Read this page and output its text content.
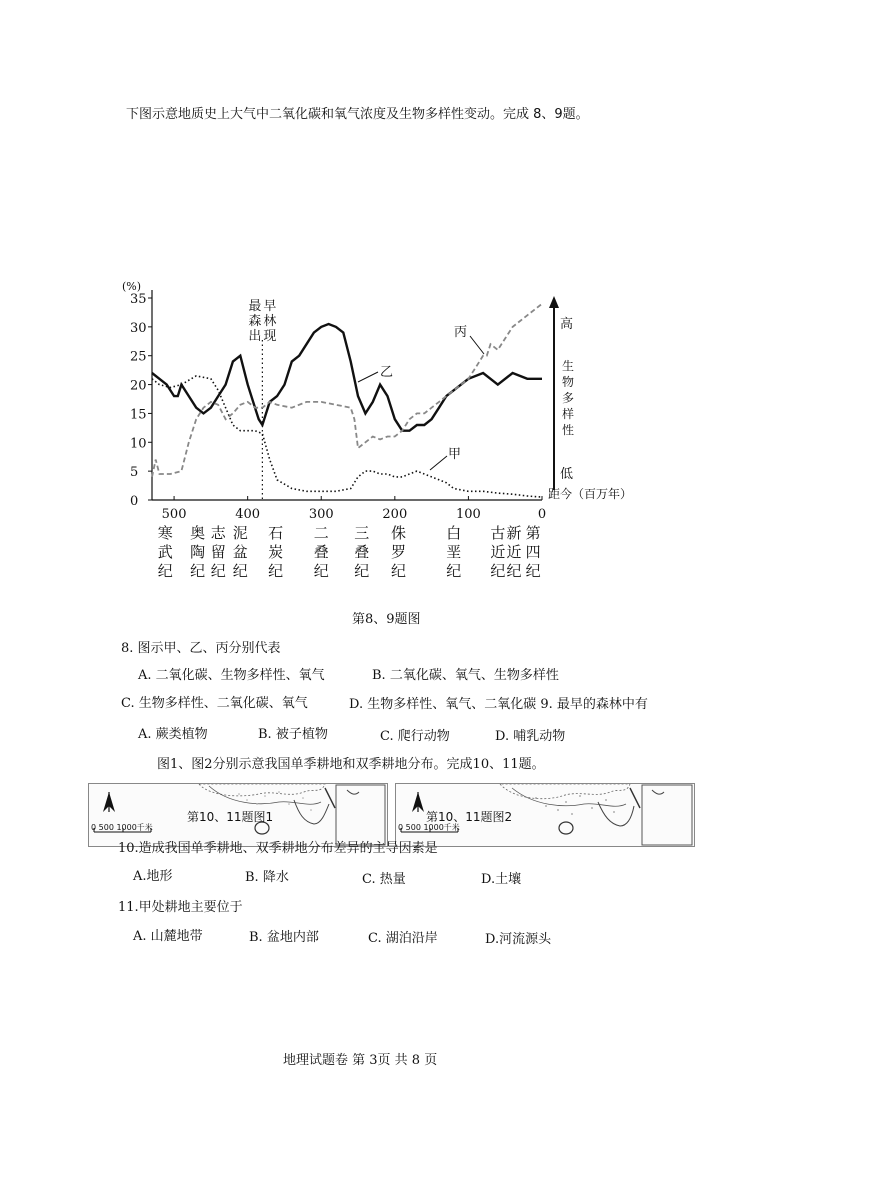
下图示意地质史上大气中二氧化碳和氧气浓度及生物多样性变动。完成 8、9题。
(%)
0
5
10
15
20
25
30
35
500	400	300	200	100	0
距今（百万年）
寒
武
纪
奥
陶
纪
志
留
纪
泥
盆
纪
石
炭
纪
二
叠
纪
三
叠
纪
侏
罗
纪
白
垩
纪
古
近
纪
新
近
纪
第
四
纪
最 早
森 林
出 现
甲
乙
丙
高
生
物
多
样
性
低
第8、9题图
8. 图示甲、乙、丙分别代表
A. 二氧化碳、生物多样性、氧气	B. 二氧化碳、氧气、生物多样性
C. 生物多样性、二氧化碳、氧气	D. 生物多样性、氧气、二氧化碳 9. 最早的森林中有
A. 蕨类植物	B. 被子植物	C. 爬行动物	D. 哺乳动物
图1、图2分别示意我国单季耕地和双季耕地分布。完成10、11题。
0 500 1000千米
第10、11题图1
0 500 1000千米
第10、11题图2
10.造成我国单季耕地、双季耕地分布差异的主导因素是
A.地形	B. 降水	C. 热量	D.土壤
11.甲处耕地主要位于
A. 山麓地带	B. 盆地内部	C. 湖泊沿岸	D.河流源头
地理试题卷 第 3页 共 8 页
